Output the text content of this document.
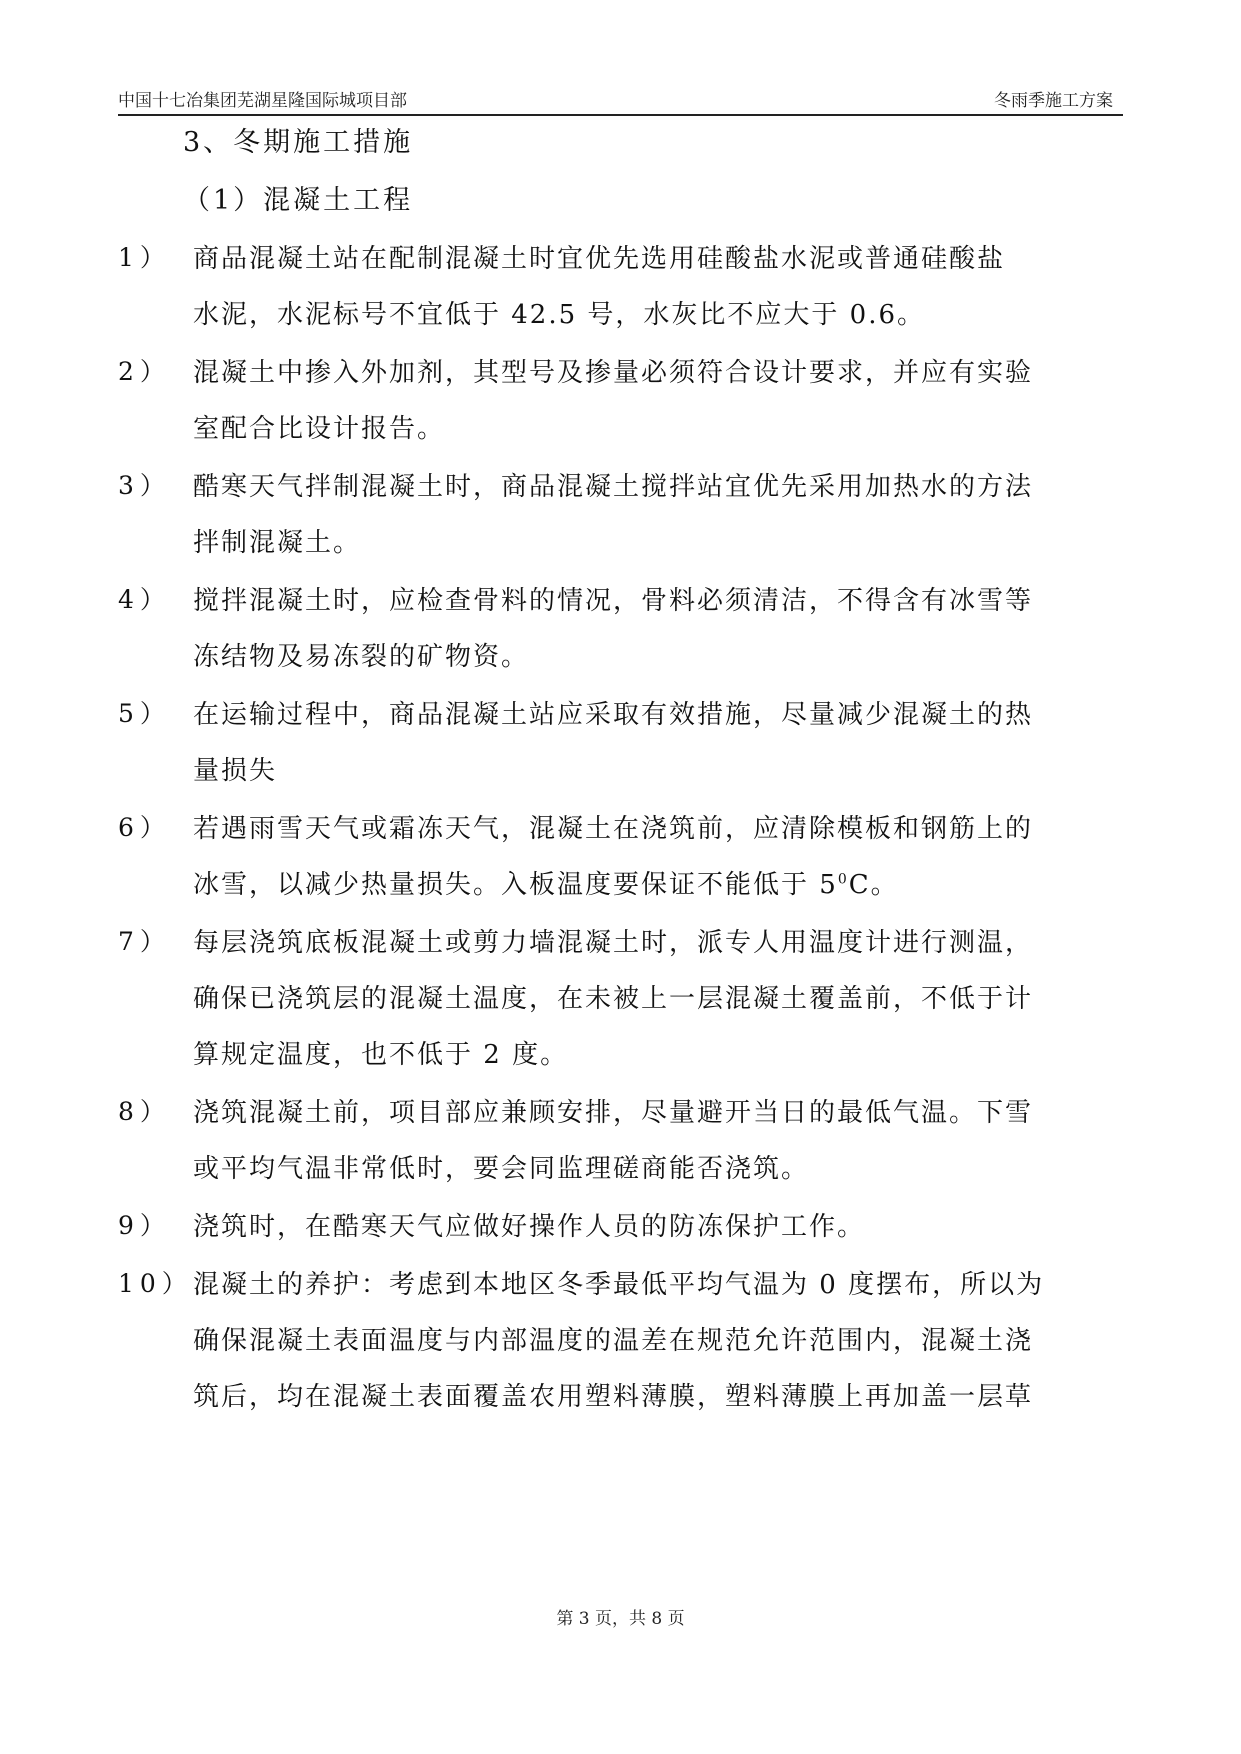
中国十七冶集团芜湖星隆国际城项目部	冬雨季施工方案
3、冬期施工措施
（1）混凝土工程
1） 商品混凝土站在配制混凝土时宜优先选用硅酸盐水泥或普通硅酸盐
水泥，水泥标号不宜低于 42.5 号，水灰比不应大于 0.6。
2） 混凝土中掺入外加剂，其型号及掺量必须符合设计要求，并应有实验
室配合比设计报告。
3） 酷寒天气拌制混凝土时，商品混凝土搅拌站宜优先采用加热水的方法
拌制混凝土。
4） 搅拌混凝土时，应检查骨料的情况，骨料必须清洁，不得含有冰雪等
冻结物及易冻裂的矿物资。
5） 在运输过程中，商品混凝土站应采取有效措施，尽量减少混凝土的热
量损失
6） 若遇雨雪天气或霜冻天气，混凝土在浇筑前，应清除模板和钢筋上的
冰雪，以减少热量损失。入板温度要保证不能低于 $5^0C$。
7） 每层浇筑底板混凝土或剪力墙混凝土时，派专人用温度计进行测温，
确保已浇筑层的混凝土温度，在未被上一层混凝土覆盖前，不低于计
算规定温度，也不低于 2 度。
8） 浇筑混凝土前，项目部应兼顾安排，尽量避开当日的最低气温。下雪
或平均气温非常低时，要会同监理磋商能否浇筑。
9） 浇筑时，在酷寒天气应做好操作人员的防冻保护工作。
10） 混凝土的养护：考虑到本地区冬季最低平均气温为 0 度摆布，所以为
确保混凝土表面温度与内部温度的温差在规范允许范围内，混凝土浇
筑后，均在混凝土表面覆盖农用塑料薄膜，塑料薄膜上再加盖一层草
第 3 页，共 8 页
